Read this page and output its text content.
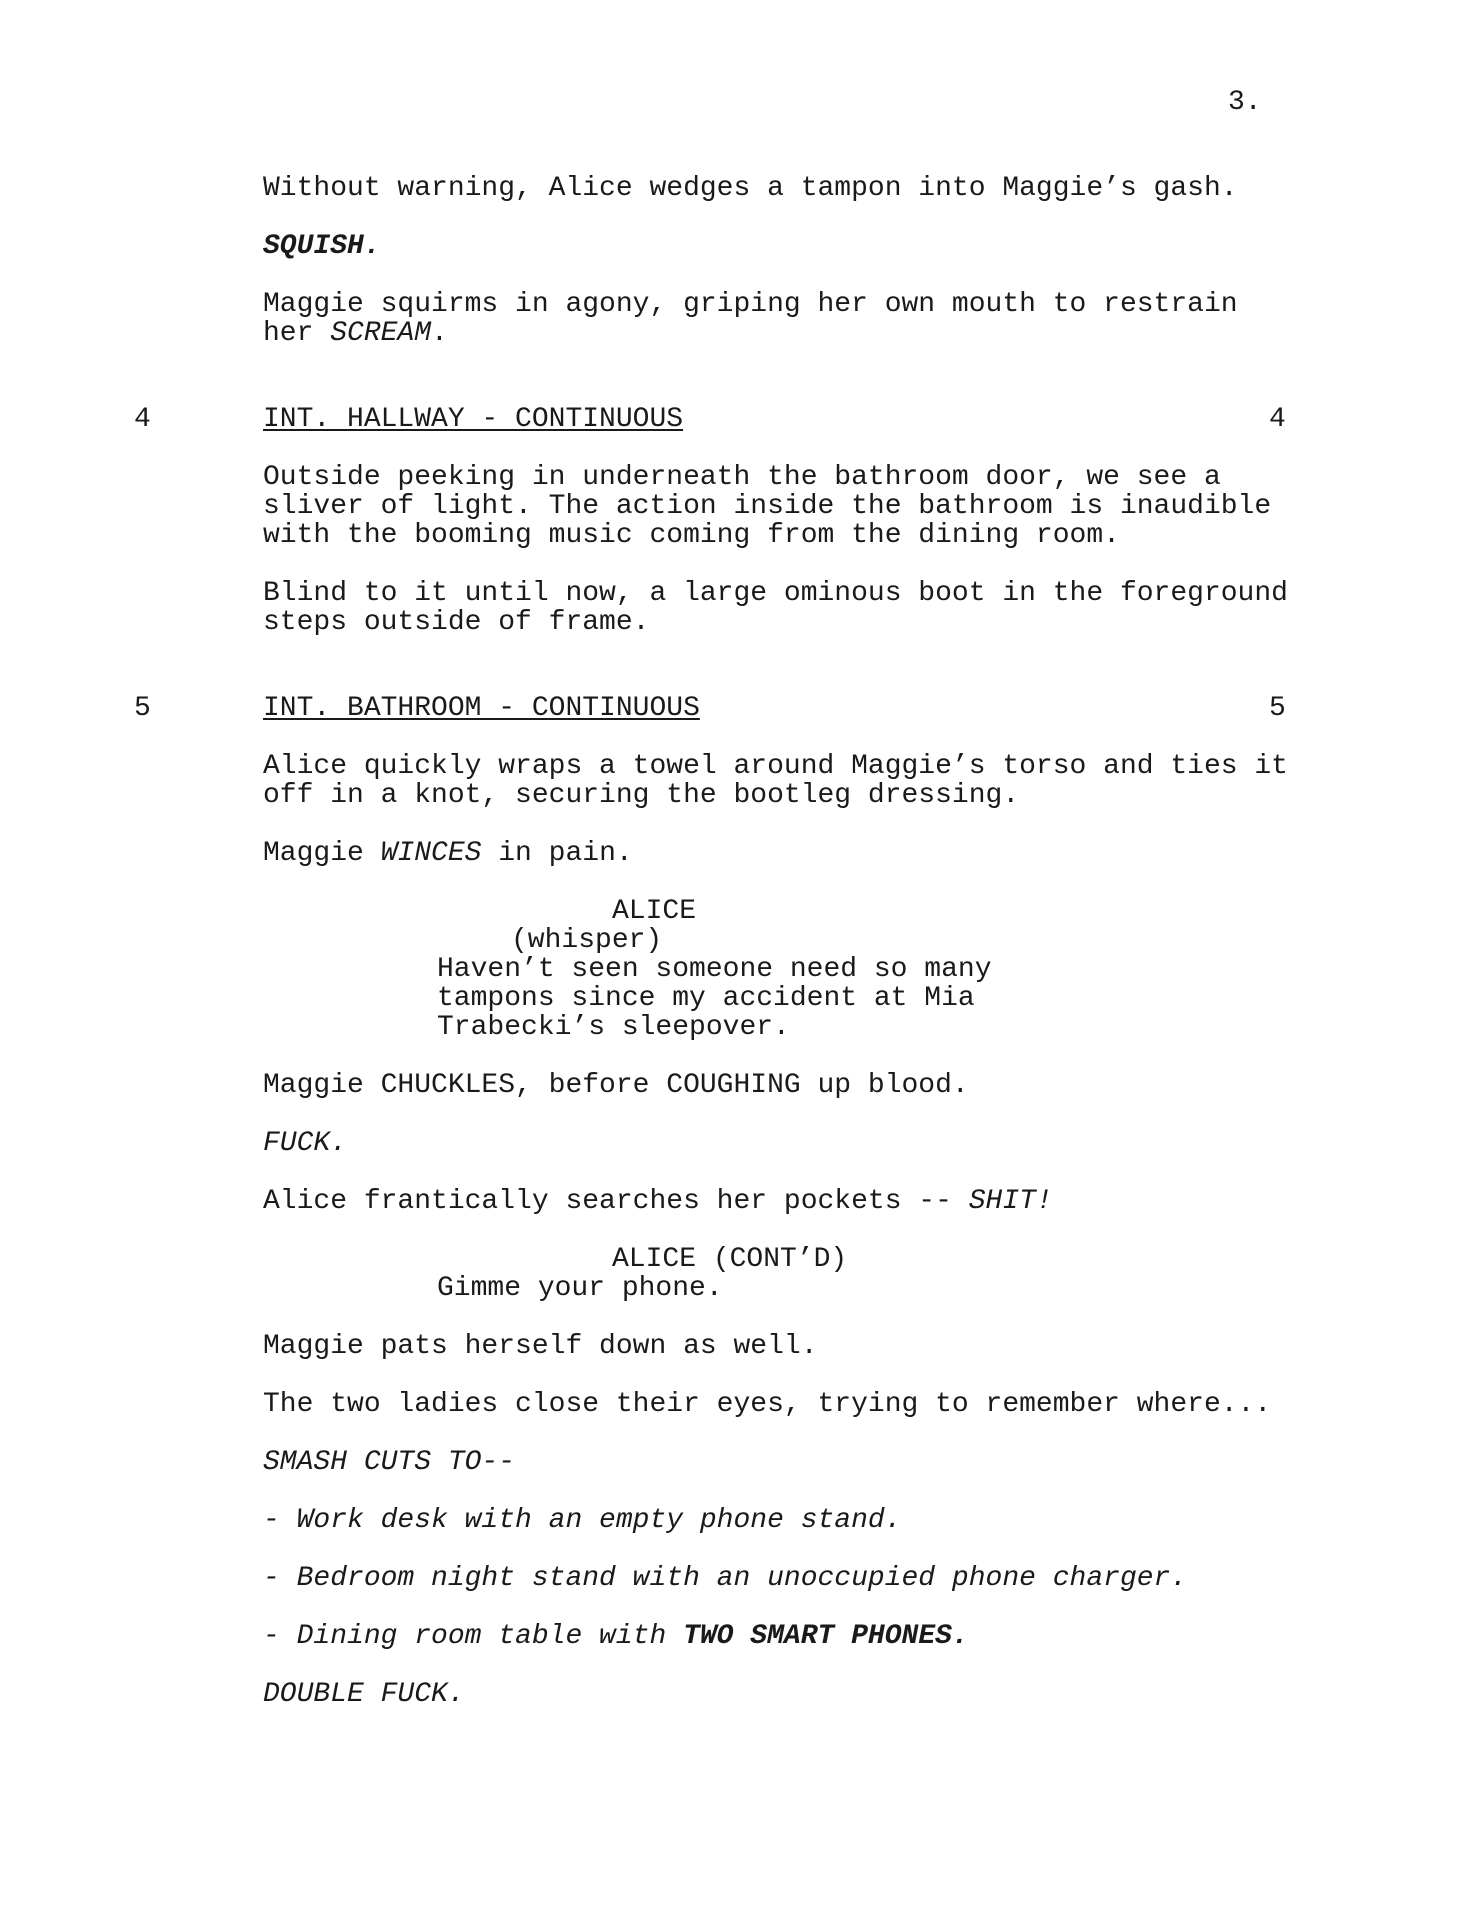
3.
Without warning, Alice wedges a tampon into Maggie’s gash.
SQUISH.
Maggie squirms in agony, griping her own mouth to restrain
her SCREAM.
4	INT. HALLWAY - CONTINUOUS	4
Outside peeking in underneath the bathroom door, we see a
sliver of light. The action inside the bathroom is inaudible
with the booming music coming from the dining room.
Blind to it until now, a large ominous boot in the foreground
steps outside of frame.
5	INT. BATHROOM - CONTINUOUS	5
Alice quickly wraps a towel around Maggie’s torso and ties it
off in a knot, securing the bootleg dressing.
Maggie WINCES in pain.
ALICE
(whisper)
Haven’t seen someone need so many
tampons since my accident at Mia
Trabecki’s sleepover.
Maggie CHUCKLES, before COUGHING up blood.
FUCK.
Alice frantically searches her pockets -- SHIT!
ALICE (CONT’D)
Gimme your phone.
Maggie pats herself down as well.
The two ladies close their eyes, trying to remember where...
SMASH CUTS TO--
- Work desk with an empty phone stand.
- Bedroom night stand with an unoccupied phone charger.
- Dining room table with TWO SMART PHONES.
DOUBLE FUCK.
